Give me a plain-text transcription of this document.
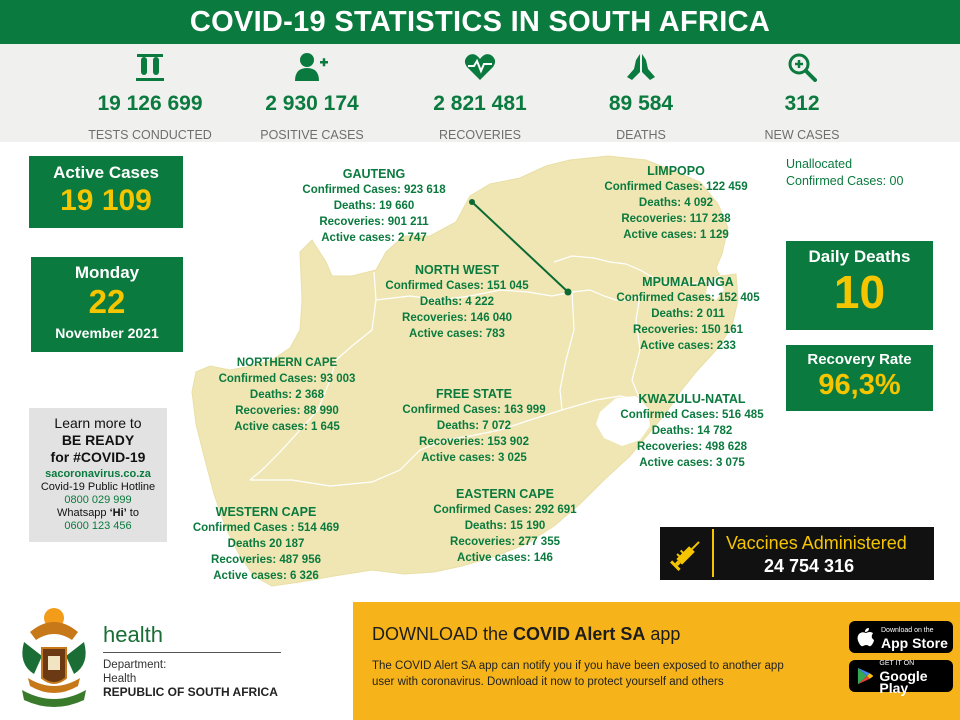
COVID-19 STATISTICS IN SOUTH AFRICA
19 126 699
TESTS CONDUCTED
2 930 174
POSITIVE CASES
2 821 481
RECOVERIES
89 584
DEATHS
312
NEW CASES
GAUTENG
Confirmed Cases: 923 618
Deaths: 19 660
Recoveries: 901 211
Active cases: 2 747
LIMPOPO
Confirmed Cases: 122 459
Deaths: 4 092
Recoveries: 117 238
Active cases: 1 129
NORTH WEST
Confirmed Cases: 151 045
Deaths: 4 222
Recoveries: 146 040
Active cases: 783
MPUMALANGA
Confirmed Cases: 152 405
Deaths: 2 011
Recoveries: 150 161
Active cases: 233
NORTHERN CAPE
Confirmed Cases: 93 003
Deaths: 2 368
Recoveries: 88 990
Active cases: 1 645
FREE STATE
Confirmed Cases: 163 999
Deaths: 7 072
Recoveries: 153 902
Active cases: 3 025
KWAZULU-NATAL
Confirmed Cases: 516 485
Deaths: 14 782
Recoveries: 498 628
Active cases: 3 075
EASTERN CAPE
Confirmed Cases: 292 691
Deaths: 15 190
Recoveries: 277 355
Active cases: 146
WESTERN CAPE
Confirmed Cases : 514 469
Deaths 20 187
Recoveries: 487 956
Active cases: 6 326
Active Cases
19 109
Monday
22
November 2021
Learn more to
BE READY
for #COVID-19
sacoronavirus.co.za
Covid-19 Public Hotline
0800 029 999
Whatsapp ‘Hi’ to
0600 123 456
Unallocated
Confirmed Cases: 00
Daily Deaths
10
Recovery Rate
96,3%
Vaccines Administered
24 754 316
health
Department:
Health
REPUBLIC OF SOUTH AFRICA
DOWNLOAD the COVID Alert SA app
The COVID Alert SA app can notify you if you have been exposed to another app user with coronavirus. Download it now to protect yourself and others
Download on the
App Store
GET IT ON
Google Play
